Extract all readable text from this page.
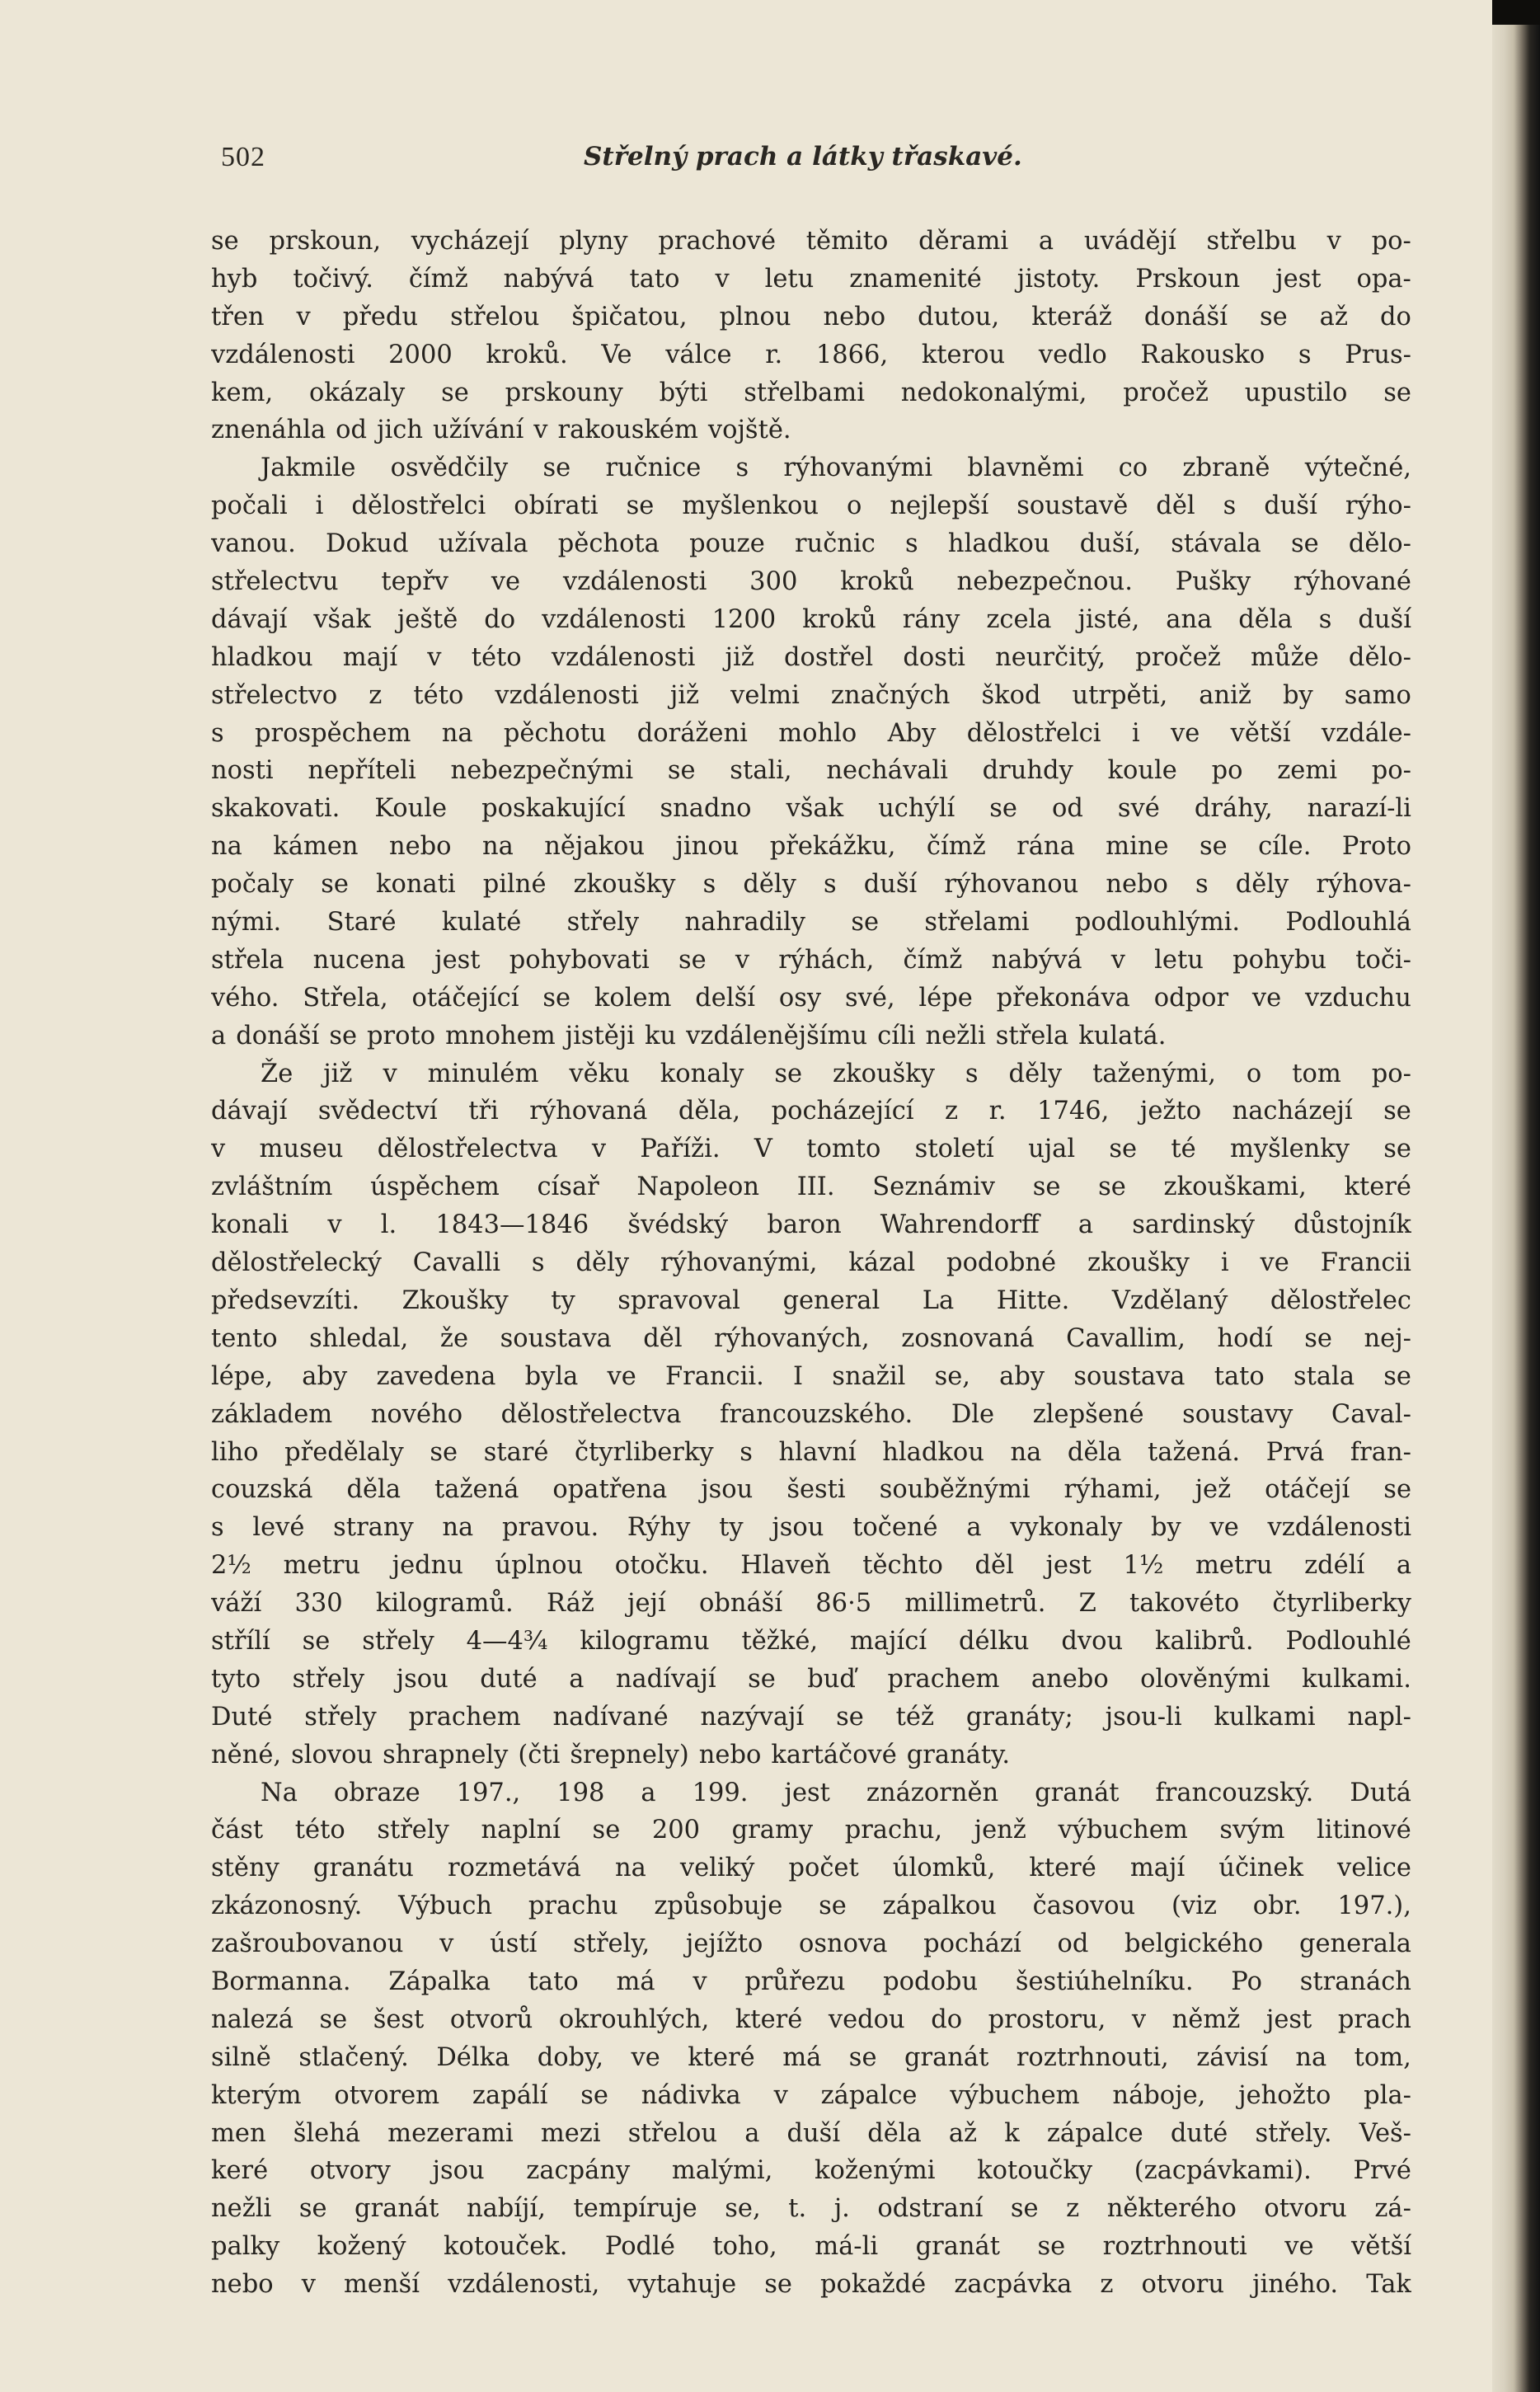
502	Střelný prach a látky třaskavé.
se prskoun, vycházejí plyny prachové těmito děrami a uvádějí střelbu v po-
hyb točivý. čímž nabývá tato v letu znamenité jistoty. Prskoun jest opa-
třen v předu střelou špičatou, plnou nebo dutou, kteráž donáší se až do
vzdálenosti 2000 kroků. Ve válce r. 1866, kterou vedlo Rakousko s Prus-
kem, okázaly se prskouny býti střelbami nedokonalými, pročež upustilo se
znenáhla od jich užívání v rakouském vojště.
Jakmile osvědčily se ručnice s rýhovanými blavněmi co zbraně výtečné,
počali i dělostřelci obírati se myšlenkou o nejlepší soustavě děl s duší rýho-
vanou. Dokud užívala pěchota pouze ručnic s hladkou duší, stávala se dělo-
střelectvu tepřv ve vzdálenosti 300 kroků nebezpečnou. Pušky rýhované
dávají však ještě do vzdálenosti 1200 kroků rány zcela jisté, ana děla s duší
hladkou mají v této vzdálenosti již dostřel dosti neurčitý, pročež může dělo-
střelectvo z této vzdálenosti již velmi značných škod utrpěti, aniž by samo
s prospěchem na pěchotu doráženi mohlo Aby dělostřelci i ve větší vzdále-
nosti nepříteli nebezpečnými se stali, nechávali druhdy koule po zemi po-
skakovati. Koule poskakující snadno však uchýlí se od své dráhy, narazí-li
na kámen nebo na nějakou jinou překážku, čímž rána mine se cíle. Proto
počaly se konati pilné zkoušky s děly s duší rýhovanou nebo s děly rýhova-
nými. Staré kulaté střely nahradily se střelami podlouhlými. Podlouhlá
střela nucena jest pohybovati se v rýhách, čímž nabývá v letu pohybu toči-
vého. Střela, otáčející se kolem delší osy své, lépe překonáva odpor ve vzduchu
a donáší se proto mnohem jistěji ku vzdálenějšímu cíli nežli střela kulatá.
Že již v minulém věku konaly se zkoušky s děly taženými, o tom po-
dávají svědectví tři rýhovaná děla, pocházející z r. 1746, ježto nacházejí se
v museu dělostřelectva v Paříži. V tomto století ujal se té myšlenky se
zvláštním úspěchem císař Napoleon III. Seznámiv se se zkouškami, které
konali v l. 1843—1846 švédský baron Wahrendorff a sardinský důstojník
dělostřelecký Cavalli s děly rýhovanými, kázal podobné zkoušky i ve Francii
předsevzíti. Zkoušky ty spravoval general La Hitte. Vzdělaný dělostřelec
tento shledal, že soustava děl rýhovaných, zosnovaná Cavallim, hodí se nej-
lépe, aby zavedena byla ve Francii. I snažil se, aby soustava tato stala se
základem nového dělostřelectva francouzského. Dle zlepšené soustavy Caval-
liho předělaly se staré čtyrliberky s hlavní hladkou na děla tažená. Prvá fran-
couzská děla tažená opatřena jsou šesti souběžnými rýhami, jež otáčejí se
s levé strany na pravou. Rýhy ty jsou točené a vykonaly by ve vzdálenosti
2½ metru jednu úplnou otočku. Hlaveň těchto děl jest 1½ metru zdélí a
váží 330 kilogramů. Ráž její obnáší 86·5 millimetrů. Z takovéto čtyrliberky
střílí se střely 4—4¾ kilogramu těžké, mající délku dvou kalibrů. Podlouhlé
tyto střely jsou duté a nadívají se buď prachem anebo olověnými kulkami.
Duté střely prachem nadívané nazývají se též granáty; jsou-li kulkami napl-
něné, slovou shrapnely (čti šrepnely) nebo kartáčové granáty.
Na obraze 197., 198 a 199. jest znázorněn granát francouzský. Dutá
část této střely naplní se 200 gramy prachu, jenž výbuchem svým litinové
stěny granátu rozmetává na veliký počet úlomků, které mají účinek velice
zkázonosný. Výbuch prachu způsobuje se zápalkou časovou (viz obr. 197.),
zašroubovanou v ústí střely, jejížto osnova pochází od belgického generala
Bormanna. Zápalka tato má v průřezu podobu šestiúhelníku. Po stranách
nalezá se šest otvorů okrouhlých, které vedou do prostoru, v němž jest prach
silně stlačený. Délka doby, ve které má se granát roztrhnouti, závisí na tom,
kterým otvorem zapálí se nádivka v zápalce výbuchem náboje, jehožto pla-
men šlehá mezerami mezi střelou a duší děla až k zápalce duté střely. Veš-
keré otvory jsou zacpány malými, koženými kotoučky (zacpávkami). Prvé
nežli se granát nabíjí, tempíruje se, t. j. odstraní se z některého otvoru zá-
palky kožený kotouček. Podlé toho, má-li granát se roztrhnouti ve větší
nebo v menší vzdálenosti, vytahuje se pokaždé zacpávka z otvoru jiného. Tak
